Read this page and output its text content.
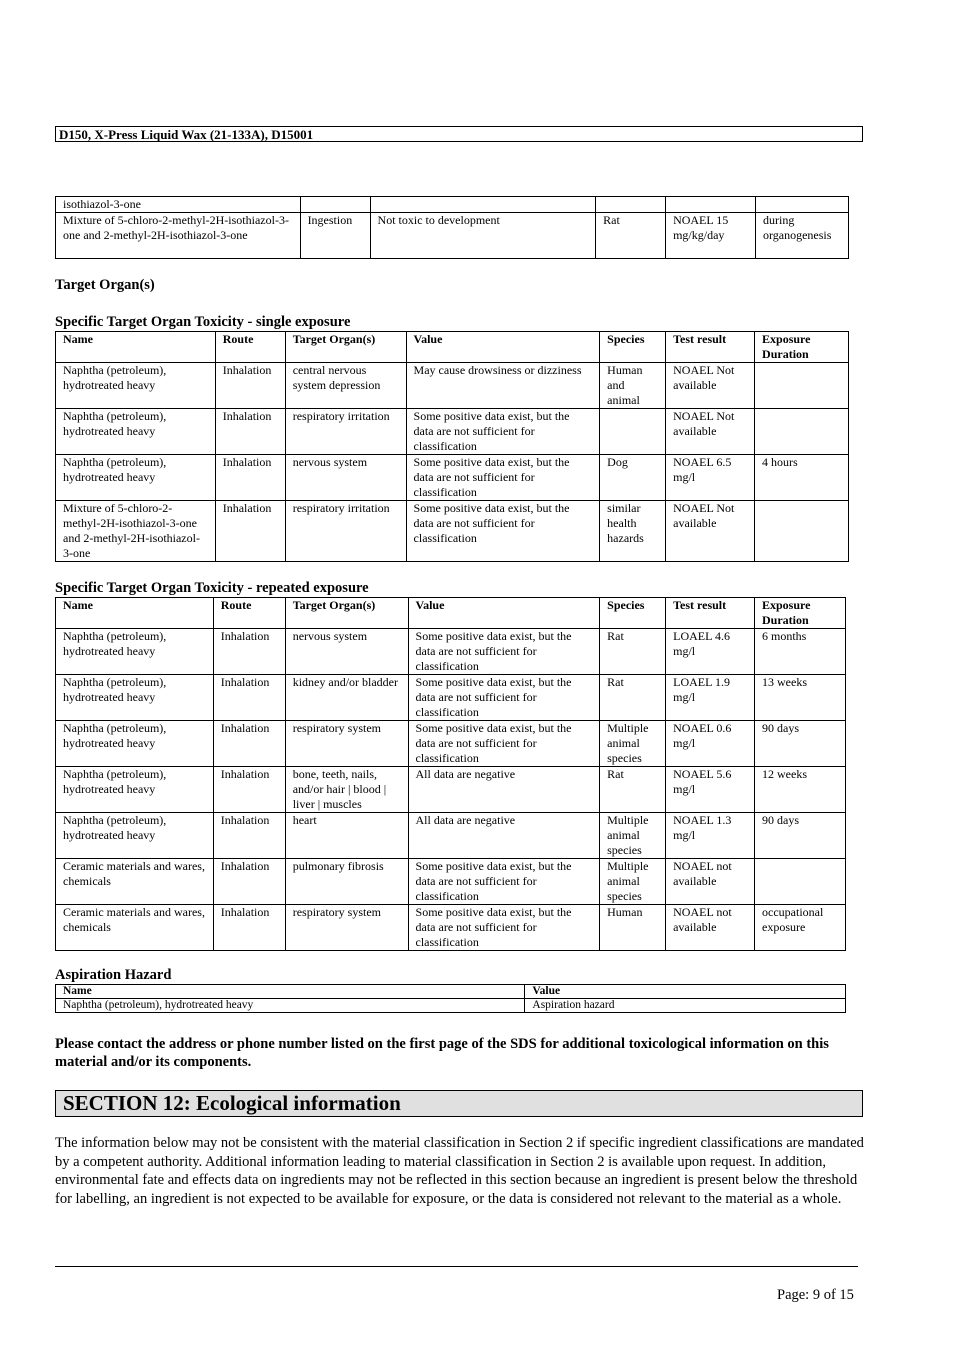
D150, X-Press Liquid Wax (21-133A), D15001
isothiazol-3-one					
Mixture of 5-chloro-2-methyl-2H-isothiazol-3-one and 2-methyl-2H-isothiazol-3-one	Ingestion	Not toxic to development	Rat	NOAEL 15 mg/kg/day	during organogenesis
Target Organ(s)
Specific Target Organ Toxicity - single exposure
Name	Route	Target Organ(s)	Value	Species	Test result	Exposure Duration
Naphtha (petroleum), hydrotreated heavy	Inhalation	central nervous system depression	May cause drowsiness or dizziness	Human and animal	NOAEL Not available	
Naphtha (petroleum), hydrotreated heavy	Inhalation	respiratory irritation	Some positive data exist, but the data are not sufficient for classification		NOAEL Not available	
Naphtha (petroleum), hydrotreated heavy	Inhalation	nervous system	Some positive data exist, but the data are not sufficient for classification	Dog	NOAEL 6.5 mg/l	4 hours
Mixture of 5-chloro-2-methyl-2H-isothiazol-3-one and 2-methyl-2H-isothiazol-3-one	Inhalation	respiratory irritation	Some positive data exist, but the data are not sufficient for classification	similar health hazards	NOAEL Not available	
Specific Target Organ Toxicity - repeated exposure
Name	Route	Target Organ(s)	Value	Species	Test result	Exposure Duration
Naphtha (petroleum), hydrotreated heavy	Inhalation	nervous system	Some positive data exist, but the data are not sufficient for classification	Rat	LOAEL 4.6 mg/l	6 months
Naphtha (petroleum), hydrotreated heavy	Inhalation	kidney and/or bladder	Some positive data exist, but the data are not sufficient for classification	Rat	LOAEL 1.9 mg/l	13 weeks
Naphtha (petroleum), hydrotreated heavy	Inhalation	respiratory system	Some positive data exist, but the data are not sufficient for classification	Multiple animal species	NOAEL 0.6 mg/l	90 days
Naphtha (petroleum), hydrotreated heavy	Inhalation	bone, teeth, nails, and/or hair | blood | liver | muscles	All data are negative	Rat	NOAEL 5.6 mg/l	12 weeks
Naphtha (petroleum), hydrotreated heavy	Inhalation	heart	All data are negative	Multiple animal species	NOAEL 1.3 mg/l	90 days
Ceramic materials and wares, chemicals	Inhalation	pulmonary fibrosis	Some positive data exist, but the data are not sufficient for classification	Multiple animal species	NOAEL not available	
Ceramic materials and wares, chemicals	Inhalation	respiratory system	Some positive data exist, but the data are not sufficient for classification	Human	NOAEL not available	occupational exposure
Aspiration Hazard
Name	Value
Naphtha (petroleum), hydrotreated heavy	Aspiration hazard
Please contact the address or phone number listed on the first page of the SDS for additional toxicological information on this material and/or its components.
SECTION 12: Ecological information
The information below may not be consistent with the material classification in Section 2 if specific ingredient classifications are mandated by a competent authority. Additional information leading to material classification in Section 2 is available upon request. In addition, environmental fate and effects data on ingredients may not be reflected in this section because an ingredient is present below the threshold for labelling, an ingredient is not expected to be available for exposure, or the data is considered not relevant to the material as a whole.
Page: 9 of 15
